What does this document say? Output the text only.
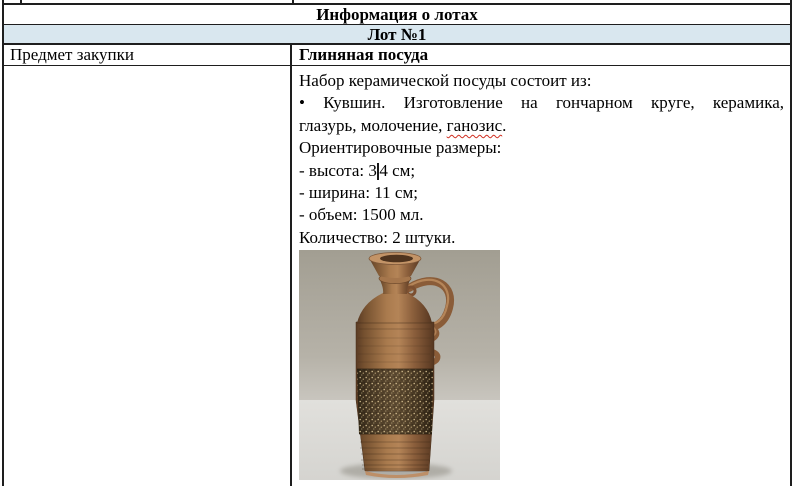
Информация о лотах
Лот №1
Предмет закупки	Глиняная посуда
Набор керамической посуды состоит из:
• Кувшин. Изготовление на гончарном круге, керамика,
глазурь, молочение, ганозис.
Ориентировочные размеры:
- высота: 3 4 см;
- ширина: 11 см;
- объем: 1500 мл.
Количество: 2 штуки.
